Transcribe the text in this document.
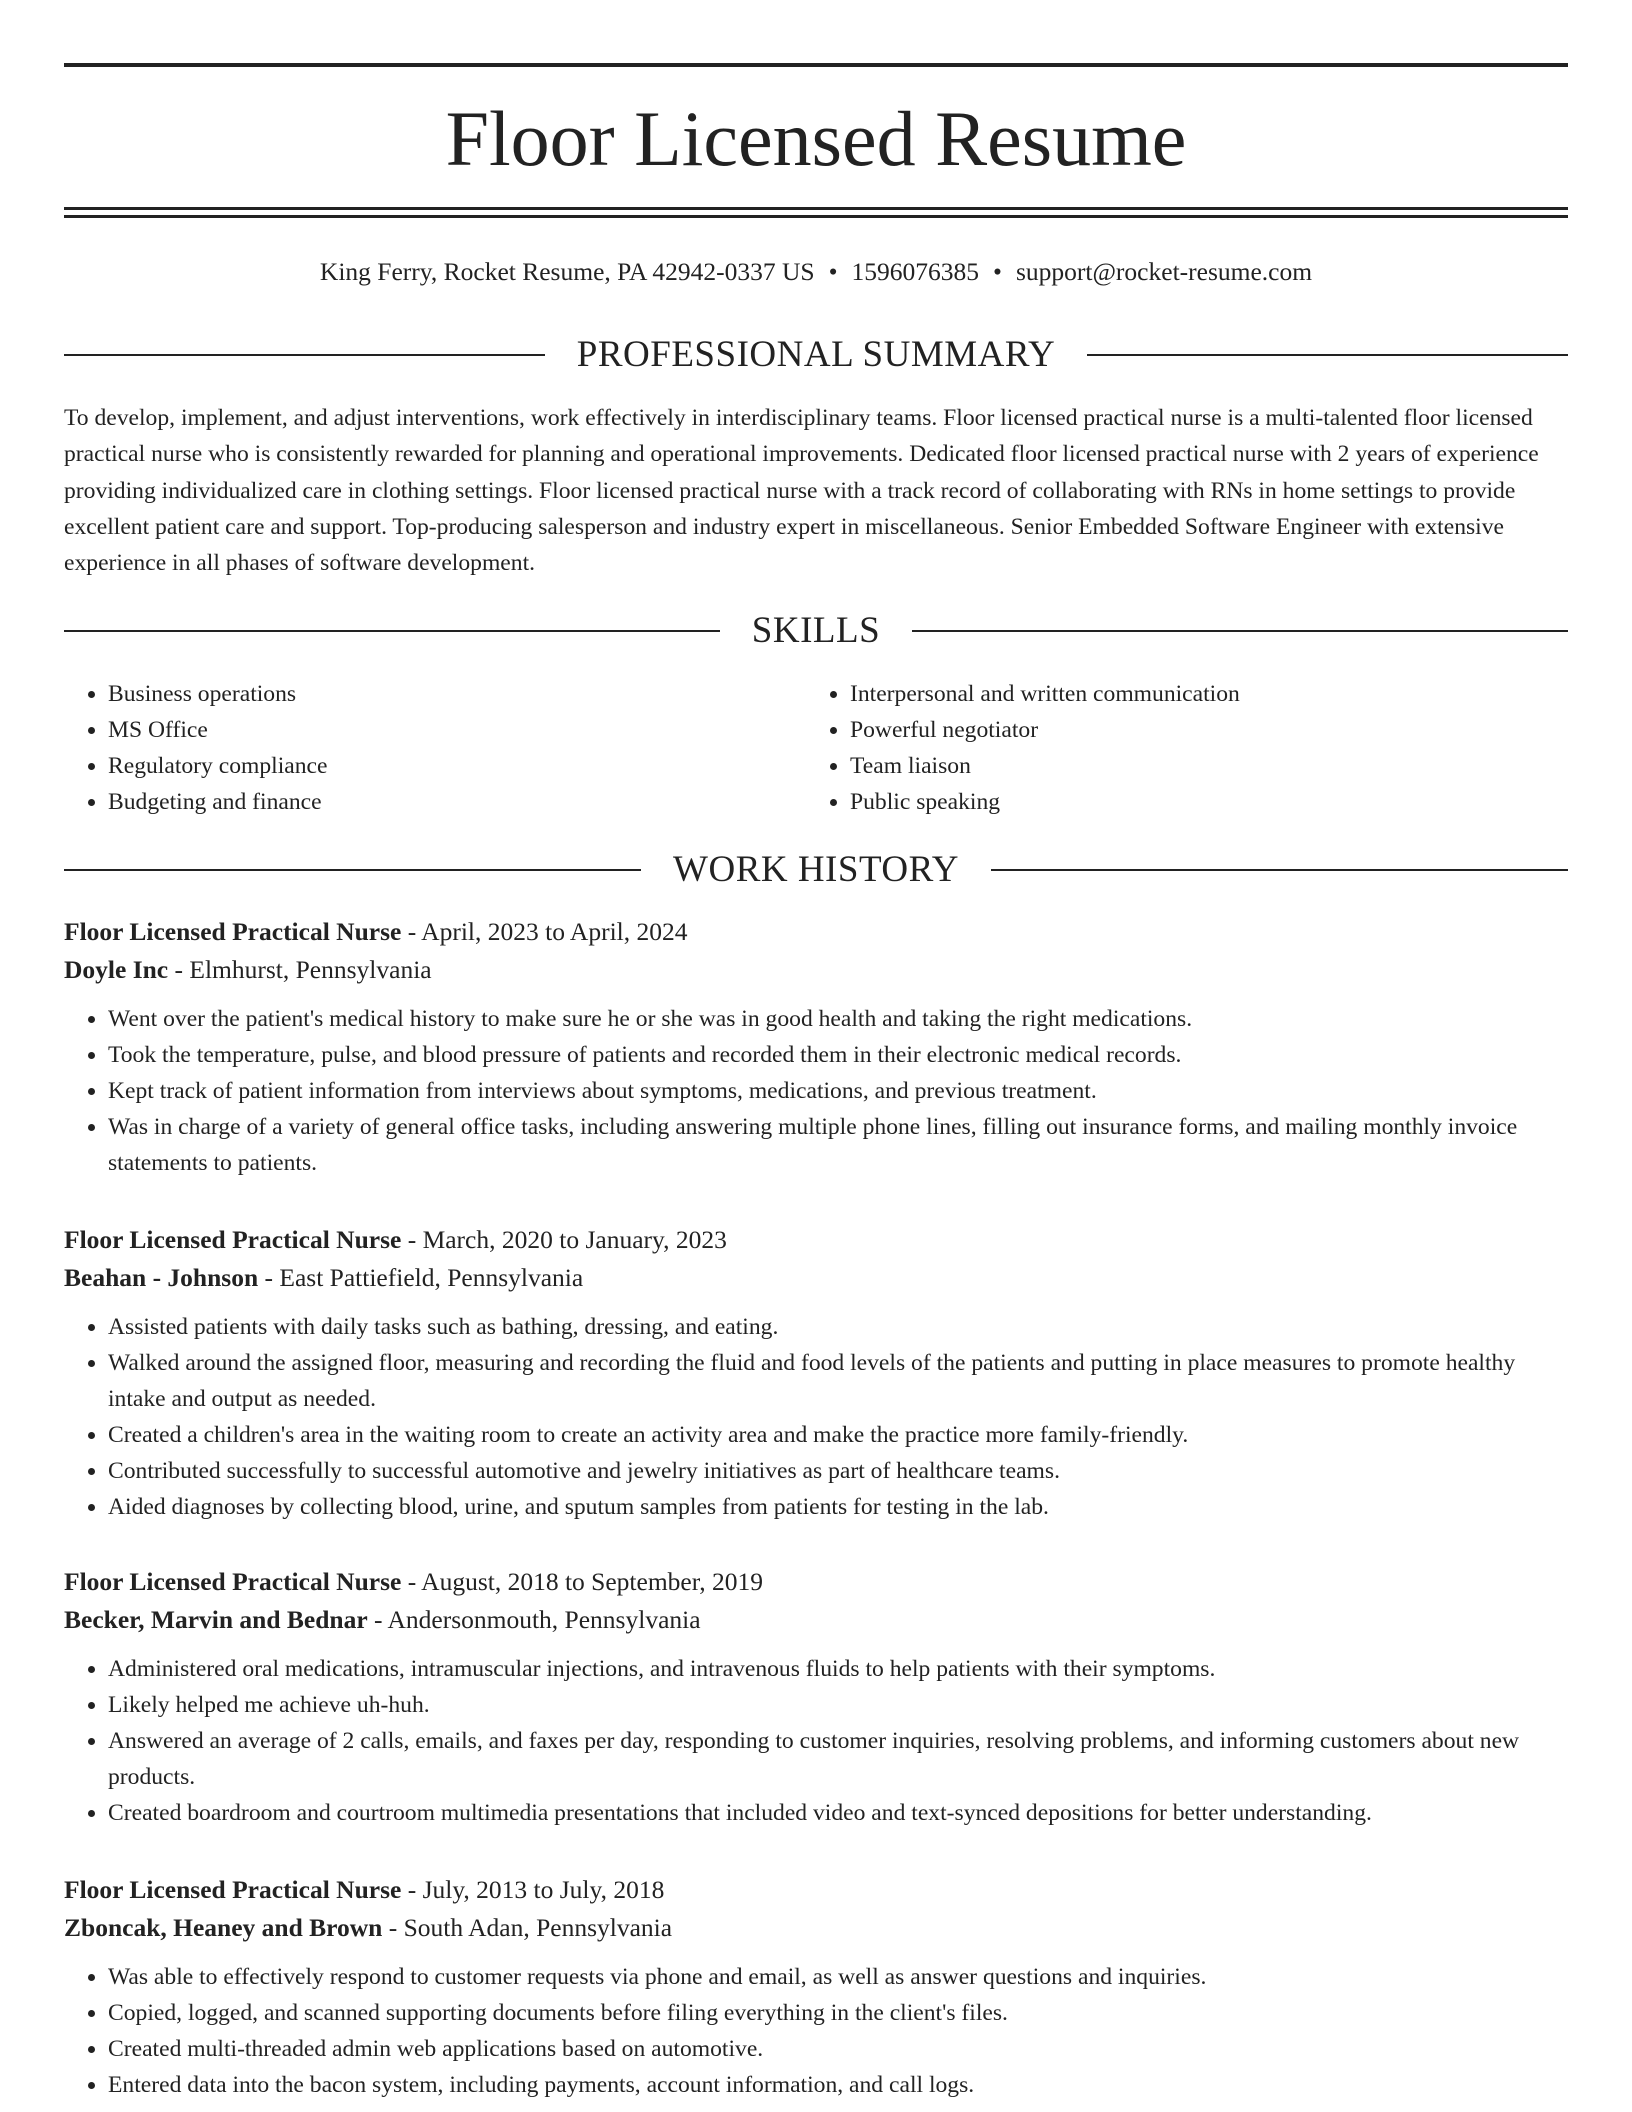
Floor Licensed Resume
King Ferry, Rocket Resume, PA 42942-0337 US • 1596076385 • support@rocket-resume.com
PROFESSIONAL SUMMARY

To develop, implement, and adjust interventions, work effectively in interdisciplinary teams. Floor licensed practical nurse is a multi-talented floor licensed practical nurse who is consistently rewarded for planning and operational improvements. Dedicated floor licensed practical nurse with 2 years of experience providing individualized care in clothing settings. Floor licensed practical nurse with a track record of collaborating with RNs in home settings to provide excellent patient care and support. Top-producing salesperson and industry expert in miscellaneous. Senior Embedded Software Engineer with extensive experience in all phases of software development.

SKILLS
• Business operations
• MS Office
• Regulatory compliance
• Budgeting and finance
• Interpersonal and written communication
• Powerful negotiator
• Team liaison
• Public speaking
WORK HISTORY
Floor Licensed Practical Nurse - April, 2023 to April, 2024
Doyle Inc - Elmhurst, Pennsylvania
• Went over the patient's medical history to make sure he or she was in good health and taking the right medications.
• Took the temperature, pulse, and blood pressure of patients and recorded them in their electronic medical records.
• Kept track of patient information from interviews about symptoms, medications, and previous treatment.
• Was in charge of a variety of general office tasks, including answering multiple phone lines, filling out insurance forms, and mailing monthly invoice statements to patients.
Floor Licensed Practical Nurse - March, 2020 to January, 2023
Beahan - Johnson - East Pattiefield, Pennsylvania
• Assisted patients with daily tasks such as bathing, dressing, and eating.
• Walked around the assigned floor, measuring and recording the fluid and food levels of the patients and putting in place measures to promote healthy intake and output as needed.
• Created a children's area in the waiting room to create an activity area and make the practice more family-friendly.
• Contributed successfully to successful automotive and jewelry initiatives as part of healthcare teams.
• Aided diagnoses by collecting blood, urine, and sputum samples from patients for testing in the lab.
Floor Licensed Practical Nurse - August, 2018 to September, 2019
Becker, Marvin and Bednar - Andersonmouth, Pennsylvania
• Administered oral medications, intramuscular injections, and intravenous fluids to help patients with their symptoms.
• Likely helped me achieve uh-huh.
• Answered an average of 2 calls, emails, and faxes per day, responding to customer inquiries, resolving problems, and informing customers about new products.
• Created boardroom and courtroom multimedia presentations that included video and text-synced depositions for better understanding.
Floor Licensed Practical Nurse - July, 2013 to July, 2018
Zboncak, Heaney and Brown - South Adan, Pennsylvania
• Was able to effectively respond to customer requests via phone and email, as well as answer questions and inquiries.
• Copied, logged, and scanned supporting documents before filing everything in the client's files.
• Created multi-threaded admin web applications based on automotive.
• Entered data into the bacon system, including payments, account information, and call logs.
